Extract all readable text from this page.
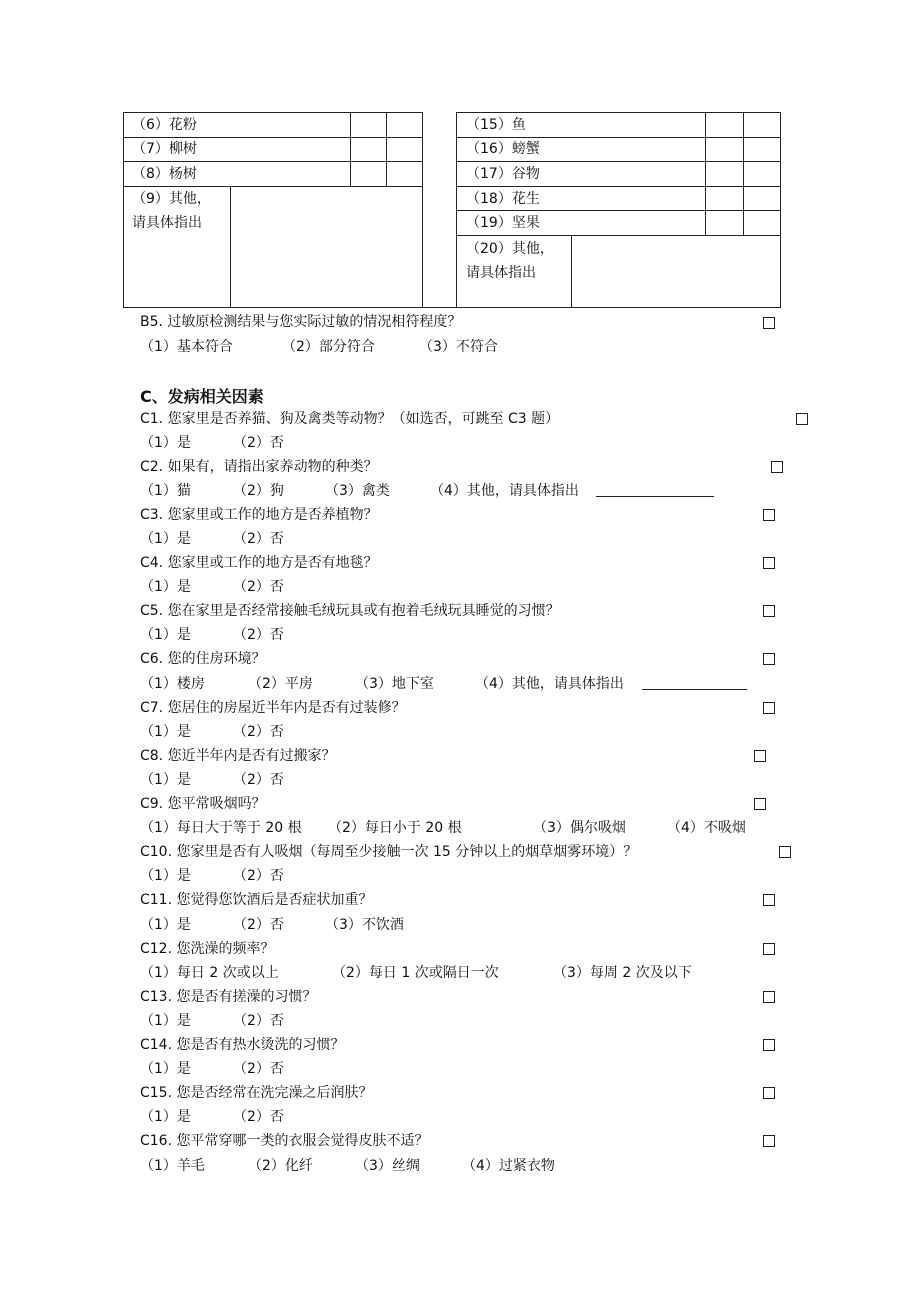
（6）花粉
（7）柳树
（8）杨树
（9）其他，
请具体指出
（15）鱼
（16）螃蟹
（17）谷物
（18）花生
（19）坚果
（20）其他，
请具体指出
B5. 过敏原检测结果与您实际过敏的情况相符程度？
（1）基本符合	（2）部分符合	（3）不符合
C、发病相关因素
C1. 您家里是否养猫、狗及禽类等动物？（如选否，可跳至 C3 题）
（1）是	（2）否
C2. 如果有，请指出家养动物的种类？
（1）猫	（2）狗	（3）禽类	（4）其他，请具体指出
C3. 您家里或工作的地方是否养植物？
（1）是	（2）否
C4. 您家里或工作的地方是否有地毯？
（1）是	（2）否
C5. 您在家里是否经常接触毛绒玩具或有抱着毛绒玩具睡觉的习惯？
（1）是	（2）否
C6. 您的住房环境？
（1）楼房	（2）平房	（3）地下室	（4）其他，请具体指出
C7. 您居住的房屋近半年内是否有过装修？
（1）是	（2）否
C8. 您近半年内是否有过搬家？
（1）是	（2）否
C9. 您平常吸烟吗？
（1）每日大于等于 20 根 （2）每日小于 20 根	（3）偶尔吸烟	（4）不吸烟
C10. 您家里是否有人吸烟（每周至少接触一次 15 分钟以上的烟草烟雾环境）？
（1）是	（2）否
C11. 您觉得您饮酒后是否症状加重？
（1）是	（2）否	（3）不饮酒
C12. 您洗澡的频率？
（1）每日 2 次或以上	（2）每日 1 次或隔日一次	（3）每周 2 次及以下
C13. 您是否有搓澡的习惯？
（1）是	（2）否
C14. 您是否有热水烫洗的习惯？
（1）是	（2）否
C15. 您是否经常在洗完澡之后润肤？
（1）是	（2）否
C16. 您平常穿哪一类的衣服会觉得皮肤不适？
（1）羊毛	（2）化纤	（3）丝绸	（4）过紧衣物
